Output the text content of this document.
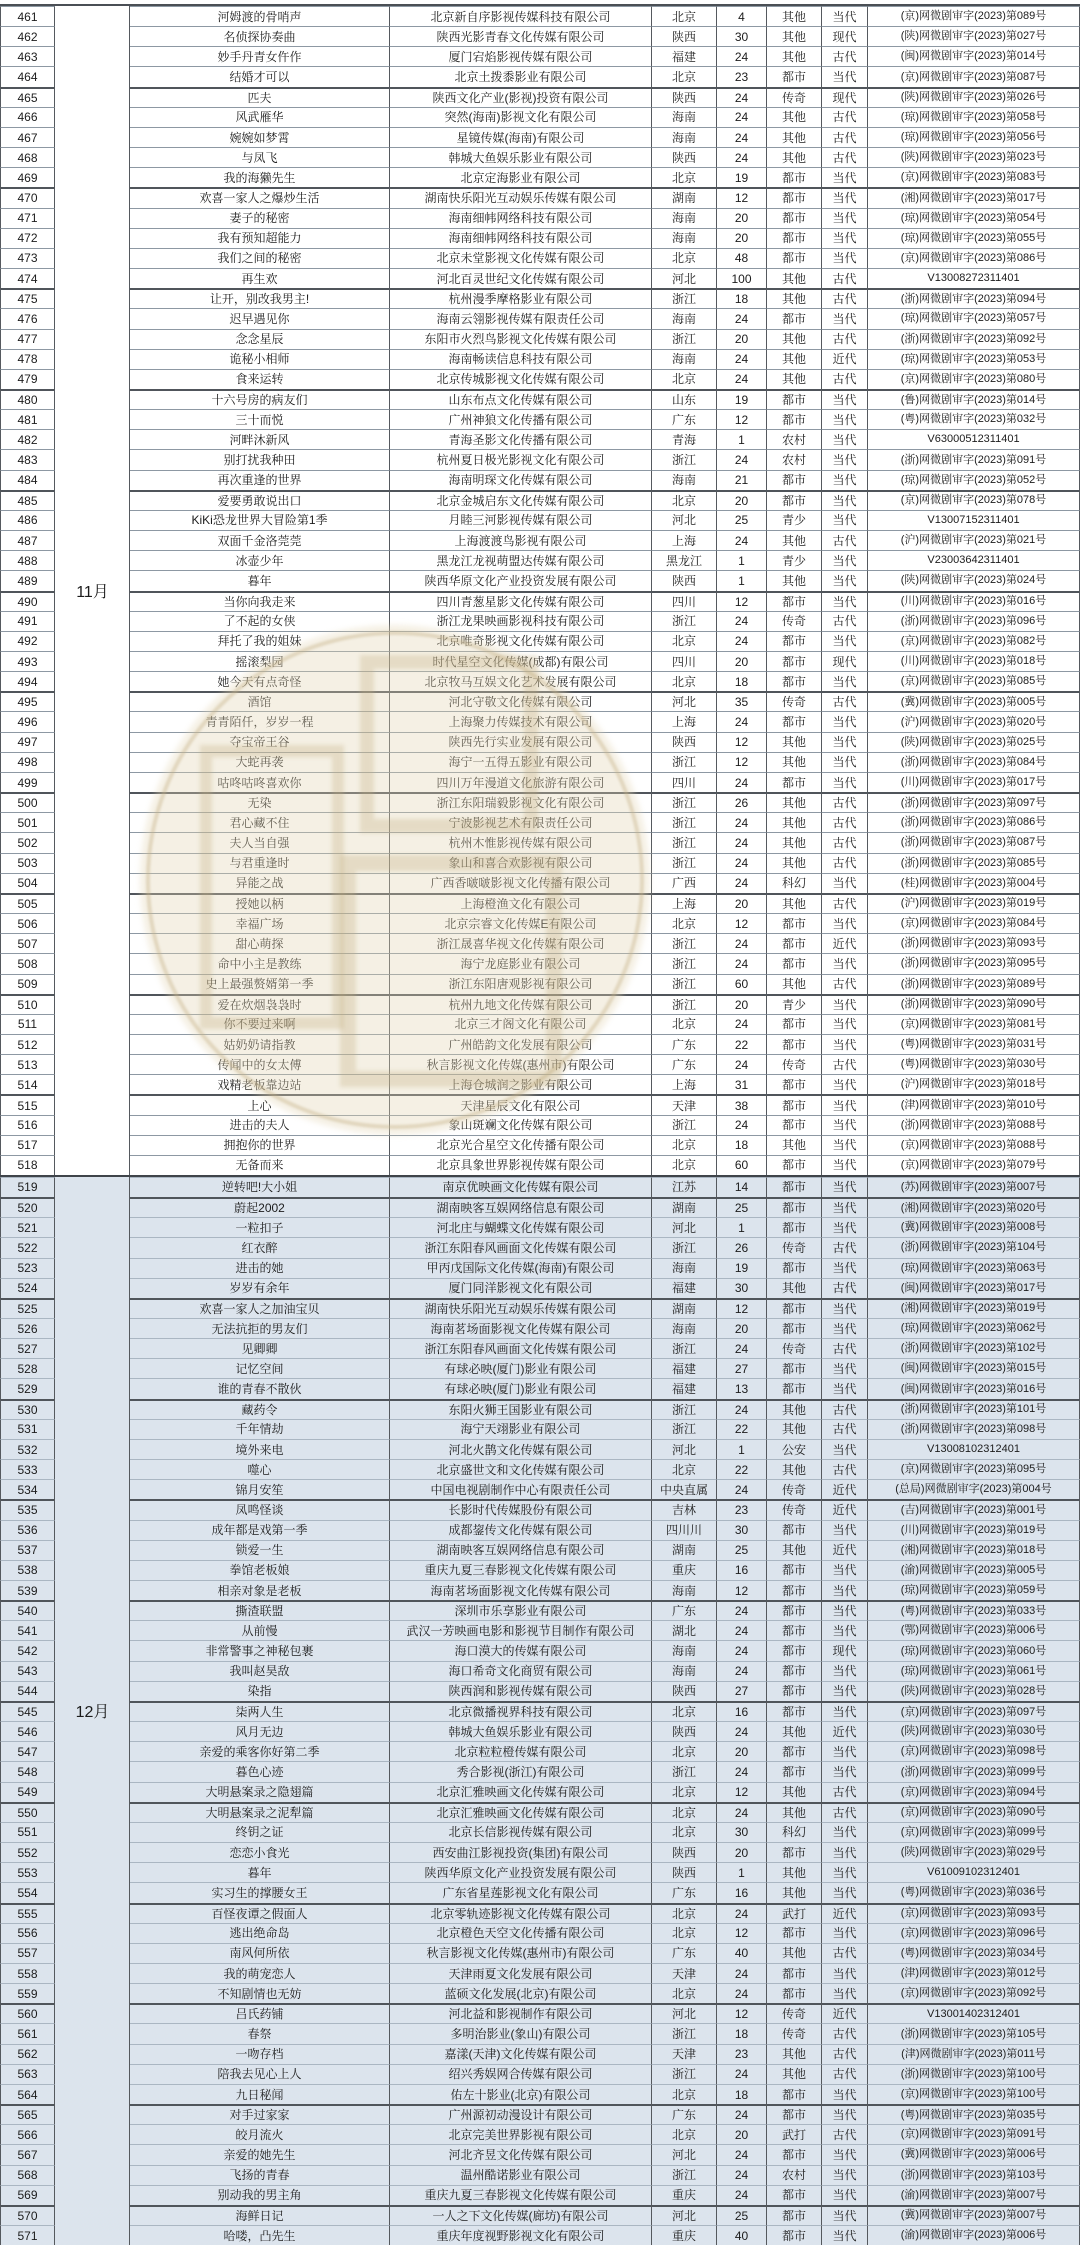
11月
461	河姆渡的骨哨声	北京新自序影视传媒科技有限公司	北京	4	其他	当代	(京)网微剧审字(2023)第089号
462	名侦探协奏曲	陕西光影青春文化传媒有限公司	陕西	30	其他	现代	(陕)网微剧审字(2023)第027号
463	妙手丹青女仵作	厦门宕焰影视传媒有限公司	福建	24	其他	古代	(闽)网微剧审字(2023)第014号
464	结婚才可以	北京土拨黍影业有限公司	北京	23	都市	当代	(京)网微剧审字(2023)第087号
465	匹夫	陕西文化产业(影视)投资有限公司	陕西	24	传奇	现代	(陕)网微剧审字(2023)第026号
466	风武雁华	突然(海南)影视文化有限公司	海南	24	其他	古代	(琼)网微剧审字(2023)第058号
467	婉婉如梦霄	星镜传媒(海南)有限公司	海南	24	其他	古代	(琼)网微剧审字(2023)第056号
468	与凤飞	韩城大鱼娱乐影业有限公司	陕西	24	其他	古代	(陕)网微剧审字(2023)第023号
469	我的海獭先生	北京定海影业有限公司	北京	19	都市	当代	(京)网微剧审字(2023)第083号
470	欢喜一家人之爆炒生活	湖南快乐阳光互动娱乐传媒有限公司	湖南	12	都市	当代	(湘)网微剧审字(2023)第017号
471	妻子的秘密	海南细帏网络科技有限公司	海南	20	都市	当代	(琼)网微剧审字(2023)第054号
472	我有预知超能力	海南细帏网络科技有限公司	海南	20	都市	当代	(琼)网微剧审字(2023)第055号
473	我们之间的秘密	北京未堂影视文化传媒有限公司	北京	48	都市	当代	(京)网微剧审字(2023)第086号
474	再生欢	河北百灵世纪文化传媒有限公司	河北	100	其他	古代	V13008272311401
475	让开，别改我男主!	杭州漫季摩格影业有限公司	浙江	18	其他	古代	(浙)网微剧审字(2023)第094号
476	迟早遇见你	海南云翎影视传媒有限责任公司	海南	24	都市	当代	(琼)网微剧审字(2023)第057号
477	念念星辰	东阳市火烈鸟影视文化传媒有限公司	浙江	20	其他	古代	(浙)网微剧审字(2023)第092号
478	诡秘小相师	海南畅读信息科技有限公司	海南	24	其他	近代	(琼)网微剧审字(2023)第053号
479	食来运转	北京传城影视文化传媒有限公司	北京	24	其他	古代	(京)网微剧审字(2023)第080号
480	十六号房的病友们	山东布点文化传媒有限公司	山东	19	都市	当代	(鲁)网微剧审字(2023)第014号
481	三十而悦	广州神狼文化传播有限公司	广东	12	都市	当代	(粤)网微剧审字(2023)第032号
482	河畔沐新风	青海圣影文化传播有限公司	青海	1	农村	当代	V63000512311401
483	别打扰我种田	杭州夏日极光影视文化有限公司	浙江	24	农村	当代	(浙)网微剧审字(2023)第091号
484	再次重逢的世界	海南明琛文化传媒有限公司	海南	21	都市	当代	(琼)网微剧审字(2023)第052号
485	爱要勇敢说出口	北京金城启东文化传媒有限公司	北京	20	都市	当代	(京)网微剧审字(2023)第078号
486	KiKi恐龙世界大冒险第1季	月睦三河影视传媒有限公司	河北	25	青少	当代	V13007152311401
487	双面千金洛莞莞	上海渡渡鸟影视有限公司	上海	24	其他	古代	(沪)网微剧审字(2023)第021号
488	冰壶少年	黑龙江龙视萌盟达传媒有限公司	黑龙江	1	青少	当代	V23003642311401
489	暮年	陕西华原文化产业投资发展有限公司	陕西	1	其他	当代	(陕)网微剧审字(2023)第024号
490	当你向我走来	四川青葱星影文化传媒有限公司	四川	12	都市	当代	(川)网微剧审字(2023)第016号
491	了不起的女侠	浙江龙果映画影视科技有限公司	浙江	24	传奇	古代	(浙)网微剧审字(2023)第096号
492	拜托了我的姐妹	北京唯奇影视文化传媒有限公司	北京	24	都市	当代	(京)网微剧审字(2023)第082号
493	摇滚梨园	时代星空文化传媒(成都)有限公司	四川	20	都市	现代	(川)网微剧审字(2023)第018号
494	她今天有点奇怪	北京牧马互娱文化艺术发展有限公司	北京	18	都市	当代	(京)网微剧审字(2023)第085号
495	酒馆	河北守敬文化传媒有限公司	河北	35	传奇	古代	(冀)网微剧审字(2023)第005号
496	青青陌仟，岁岁一程	上海聚力传媒技术有限公司	上海	24	都市	当代	(沪)网微剧审字(2023)第020号
497	夺宝帝王谷	陕西先行实业发展有限公司	陕西	12	其他	当代	(陕)网微剧审字(2023)第025号
498	大蛇再袭	海宁一五得五影业有限公司	浙江	12	其他	当代	(浙)网微剧审字(2023)第084号
499	咕咚咕咚喜欢你	四川万年漫道文化旅游有限公司	四川	24	都市	当代	(川)网微剧审字(2023)第017号
500	无染	浙江东阳瑞毅影视文化有限公司	浙江	26	其他	古代	(浙)网微剧审字(2023)第097号
501	君心藏不住	宁波影视艺术有限责任公司	浙江	24	其他	古代	(浙)网微剧审字(2023)第086号
502	夫人当自强	杭州木惟影视传媒有限公司	浙江	24	其他	古代	(浙)网微剧审字(2023)第087号
503	与君重逢时	象山和喜合欢影视有限公司	浙江	24	其他	古代	(浙)网微剧审字(2023)第085号
504	异能之战	广西香啵啵影视文化传播有限公司	广西	24	科幻	当代	(桂)网微剧审字(2023)第004号
505	授她以柄	上海橙渔文化有限公司	上海	20	其他	古代	(沪)网微剧审字(2023)第019号
506	幸福广场	北京宗睿文化传媒E有限公司	北京	12	都市	当代	(京)网微剧审字(2023)第084号
507	甜心萌探	浙江晟喜华视文化传媒有限公司	浙江	24	都市	近代	(浙)网微剧审字(2023)第093号
508	命中小主是教练	海宁龙庭影业有限公司	浙江	24	都市	当代	(浙)网微剧审字(2023)第095号
509	史上最强赘婿第一季	浙江东阳唐观影视有限公司	浙江	60	其他	古代	(浙)网微剧审字(2023)第089号
510	爱在炊烟袅袅时	杭州九地文化传媒有限公司	浙江	20	青少	当代	(浙)网微剧审字(2023)第090号
511	你不要过来啊	北京三才阁文化有限公司	北京	24	都市	当代	(京)网微剧审字(2023)第081号
512	姑奶奶请指教	广州皓韵文化发展有限公司	广东	22	都市	当代	(粤)网微剧审字(2023)第031号
513	传闻中的女太傅	秋言影视文化传媒(惠州市)有限公司	广东	24	传奇	古代	(粤)网微剧审字(2023)第030号
514	戏精老板靠边站	上海仓城润之影业有限公司	上海	31	都市	当代	(沪)网微剧审字(2023)第018号
515	上心	天津星辰文化有限公司	天津	38	都市	当代	(津)网微剧审字(2023)第010号
516	进击的夫人	象山斑斓文化传媒有限公司	浙江	24	都市	当代	(浙)网微剧审字(2023)第088号
517	拥抱你的世界	北京光合星空文化传播有限公司	北京	18	其他	当代	(京)网微剧审字(2023)第088号
518	无备而来	北京具象世界影视传媒有限公司	北京	60	都市	当代	(京)网微剧审字(2023)第079号
12月
519	逆转吧!大小姐	南京优映画文化传媒有限公司	江苏	14	都市	当代	(苏)网微剧审字(2023)第007号
520	蔚起2002	湖南映客互娱网络信息有限公司	湖南	25	都市	当代	(湘)网微剧审字(2023)第020号
521	一粒扣子	河北庄与蝴蝶文化传媒有限公司	河北	1	都市	当代	(冀)网微剧审字(2023)第008号
522	红衣醉	浙江东阳春风画面文化传媒有限公司	浙江	26	传奇	古代	(浙)网微剧审字(2023)第104号
523	进击的她	甲丙戊国际文化传媒(海南)有限公司	海南	19	都市	当代	(琼)网微剧审字(2023)第063号
524	岁岁有余年	厦门同洋影视文化有限公司	福建	30	其他	古代	(闽)网微剧审字(2023)第017号
525	欢喜一家人之加油宝贝	湖南快乐阳光互动娱乐传媒有限公司	湖南	12	都市	当代	(湘)网微剧审字(2023)第019号
526	无法抗拒的男友们	海南茗场面影视文化传媒有限公司	海南	20	都市	当代	(琼)网微剧审字(2023)第062号
527	见卿卿	浙江东阳春风画面文化传媒有限公司	浙江	24	传奇	古代	(浙)网微剧审字(2023)第102号
528	记忆空间	有球必映(厦门)影业有限公司	福建	27	都市	当代	(闽)网微剧审字(2023)第015号
529	谁的青春不散伙	有球必映(厦门)影业有限公司	福建	13	都市	当代	(闽)网微剧审字(2023)第016号
530	藏药令	东阳火狮王国影业有限公司	浙江	24	其他	古代	(浙)网微剧审字(2023)第101号
531	千年情劫	海宁天翊影业有限公司	浙江	22	其他	古代	(浙)网微剧审字(2023)第098号
532	境外来电	河北火鹊文化传媒有限公司	河北	1	公安	当代	V13008102312401
533	噬心	北京盛世文和文化传媒有限公司	北京	22	其他	古代	(京)网微剧审字(2023)第095号
534	锦月安笙	中国电视剧制作中心有限责任公司	中央直属	24	传奇	近代	(总局)网微剧审字(2023)第004号
535	凤鸣怪谈	长影时代传媒股份有限公司	吉林	23	传奇	近代	(吉)网微剧审字(2023)第001号
536	成年都是戏第一季	成都鋆传文化传媒有限公司	四川川	30	都市	当代	(川)网微剧审字(2023)第019号
537	锁爱一生	湖南映客互娱网络信息有限公司	湖南	25	其他	近代	(湘)网微剧审字(2023)第018号
538	拳馆老板娘	重庆九夏三春影视文化传媒有限公司	重庆	16	都市	当代	(渝)网微剧审字(2023)第005号
539	相亲对象是老板	海南茗场面影视文化传媒有限公司	海南	12	都市	当代	(琼)网微剧审字(2023)第059号
540	撕渣联盟	深圳市乐享影业有限公司	广东	24	都市	当代	(粤)网微剧审字(2023)第033号
541	从前慢	武汉一芳映画电影和影视节目制作有限公司	湖北	24	都市	当代	(鄂)网微剧审字(2023)第006号
542	非常警事之神秘包裹	海口漠大的传媒有限公司	海南	24	都市	现代	(琼)网微剧审字(2023)第060号
543	我叫赵昊敌	海口希奇文化商贸有限公司	海南	24	都市	当代	(琼)网微剧审字(2023)第061号
544	染指	陕西润和影视传媒有限公司	陕西	27	都市	当代	(陕)网微剧审字(2023)第028号
545	柒两人生	北京微播视界科技有限公司	北京	16	都市	当代	(京)网微剧审字(2023)第097号
546	风月无边	韩城大鱼娱乐影业有限公司	陕西	24	其他	近代	(陕)网微剧审字(2023)第030号
547	亲爱的乘客你好第二季	北京粒粒橙传媒有限公司	北京	20	都市	当代	(京)网微剧审字(2023)第098号
548	暮色心迹	秀合影视(浙江)有限公司	浙江	24	都市	当代	(浙)网微剧审字(2023)第099号
549	大明悬案录之隐翅篇	北京汇雅映画文化传媒有限公司	北京	12	其他	古代	(京)网微剧审字(2023)第094号
550	大明悬案录之泥犁篇	北京汇雅映画文化传媒有限公司	北京	24	其他	古代	(京)网微剧审字(2023)第090号
551	终钥之证	北京长信影视传媒有限公司	北京	30	科幻	当代	(京)网微剧审字(2023)第099号
552	恋恋小食光	西安曲江影视投资(集团)有限公司	陕西	20	都市	当代	(陕)网微剧审字(2023)第029号
553	暮年	陕西华原文化产业投资发展有限公司	陕西	1	其他	当代	V61009102312401
554	实习生的撑腰女王	广东省星莲影视文化有限公司	广东	16	其他	当代	(粤)网微剧审字(2023)第036号
555	百怪夜谭之假面人	北京零轨迹影视文化传媒有限公司	北京	24	武打	近代	(京)网微剧审字(2023)第093号
556	逃出绝命岛	北京橙色天空文化传播有限公司	北京	12	都市	当代	(京)网微剧审字(2023)第096号
557	南风何所依	秋言影视文化传媒(惠州市)有限公司	广东	40	其他	古代	(粤)网微剧审字(2023)第034号
558	我的萌宠恋人	天津雨夏文化发展有限公司	天津	24	都市	当代	(津)网微剧审字(2023)第012号
559	不知剧情也无妨	蓝硕文化发展(北京)有限公司	北京	24	都市	当代	(京)网微剧审字(2023)第092号
560	吕氏药铺	河北益和影视制作有限公司	河北	12	传奇	近代	V13001402312401
561	春祭	多明治影业(象山)有限公司	浙江	18	传奇	古代	(浙)网微剧审字(2023)第105号
562	一吻存档	嘉漾(天津)文化传媒有限公司	天津	23	其他	古代	(津)网微剧审字(2023)第011号
563	陪我去见心上人	绍兴秀娱网合传媒有限公司	浙江	24	其他	古代	(浙)网微剧审字(2023)第100号
564	九日秘闻	佑左十影业(北京)有限公司	北京	18	都市	当代	(京)网微剧审字(2023)第100号
565	对手过家家	广州源初动漫设计有限公司	广东	24	都市	当代	(粤)网微剧审字(2023)第035号
566	皎月流火	北京完美世界影视有限公司	北京	20	武打	古代	(京)网微剧审字(2023)第091号
567	亲爱的她先生	河北齐昱文化传媒有限公司	河北	24	都市	当代	(冀)网微剧审字(2023)第006号
568	飞扬的青春	温州酷诺影业有限公司	浙江	24	农村	当代	(浙)网微剧审字(2023)第103号
569	别动我的男主角	重庆九夏三春影视文化传媒有限公司	重庆	24	都市	当代	(渝)网微剧审字(2023)第007号
570	海鲜日记	一人之下文化传媒(廊坊)有限公司	河北	25	都市	当代	(冀)网微剧审字(2023)第007号
571	哈喽，凸先生	重庆年度视野影视文化有限公司	重庆	40	都市	当代	(渝)网微剧审字(2023)第006号
